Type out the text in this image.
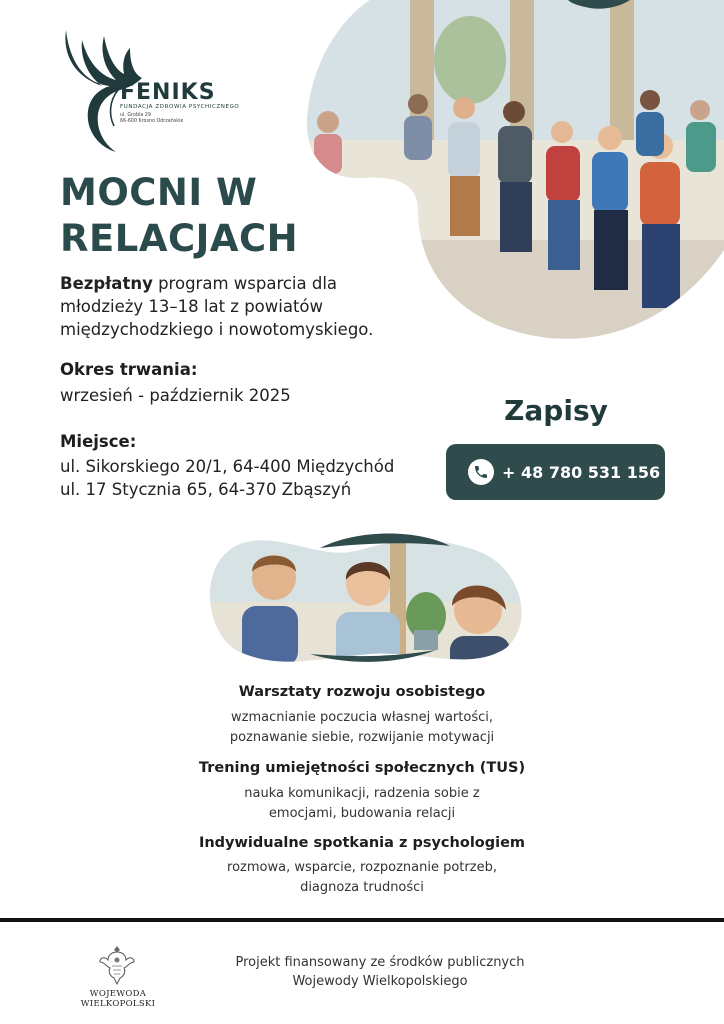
FENIKS
FUNDACJA ZDROWIA PSYCHICZNEGO
ul. Grobla 29
66-600 Krosno Odrzańskie
MOCNI W
RELACJACH
Bezpłatny program wsparcia dla młodzieży 13–18 lat z powiatów międzychodzkiego i nowotomyskiego.
Okres trwania:
wrzesień - październik 2025
Miejsce:
ul. Sikorskiego 20/1, 64-400 Międzychód
ul. 17 Stycznia 65, 64-370 Zbąszyń
Zapisy
+ 48 780 531 156
Warsztaty rozwoju osobistego
wzmacnianie poczucia własnej wartości,
poznawanie siebie, rozwijanie motywacji
Trening umiejętności społecznych (TUS)
nauka komunikacji, radzenia sobie z
emocjami, budowania relacji
Indywidualne spotkania z psychologiem
rozmowa, wsparcie, rozpoznanie potrzeb,
diagnoza trudności
WOJEWODA WIELKOPOLSKI
Projekt finansowany ze środków publicznych
Wojewody Wielkopolskiego
